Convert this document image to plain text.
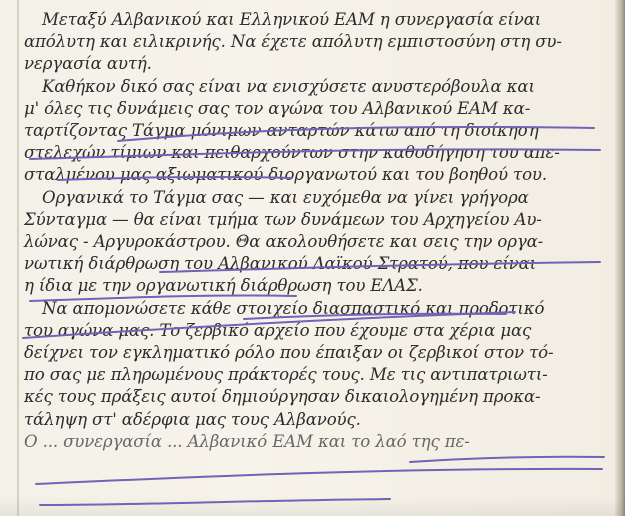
Μεταξύ Αλβανικού και Ελληνικού ΕΑΜ η συνεργασία είναι
απόλυτη και ειλικρινής. Να έχετε απόλυτη εμπιστοσύνη στη συ-
νεργασία αυτή.
Καθήκον δικό σας είναι να ενισχύσετε ανυστερόβουλα και
μ' όλες τις δυνάμεις σας τον αγώνα του Αλβανικού ΕΑΜ κα-
ταρτίζοντας Τάγμα μόνιμων ανταρτών κάτω από τη διοίκηση
στελεχών τίμιων και πειθαρχούντων στην καθοδήγηση του απε-
σταλμένου μας αξιωματικού διοργανωτού και του βοηθού του.
Οργανικά το Τάγμα σας — και ευχόμεθα να γίνει γρήγορα
Σύνταγμα — θα είναι τμήμα των δυνάμεων του Αρχηγείου Αυ-
λώνας - Αργυροκάστρου. Θα ακολουθήσετε και σεις την οργα-
νωτική διάρθρωση του Αλβανικού Λαϊκού Στρατού, που είναι
η ίδια με την οργανωτική διάρθρωση του ΕΛΑΣ.
Να απομονώσετε κάθε στοιχείο διασπαστικό και προδοτικό
του αγώνα μας. Το ζερβικό αρχείο που έχουμε στα χέρια μας
δείχνει τον εγκληματικό ρόλο που έπαιξαν οι ζερβικοί στον τό-
πο σας με πληρωμένους πράκτορές τους. Με τις αντιπατριωτι-
κές τους πράξεις αυτοί δημιούργησαν δικαιολογημένη προκα-
τάληψη στ' αδέρφια μας τους Αλβανούς.
Ο ... συνεργασία ... Αλβανικό ΕΑΜ και το λαό της πε-
